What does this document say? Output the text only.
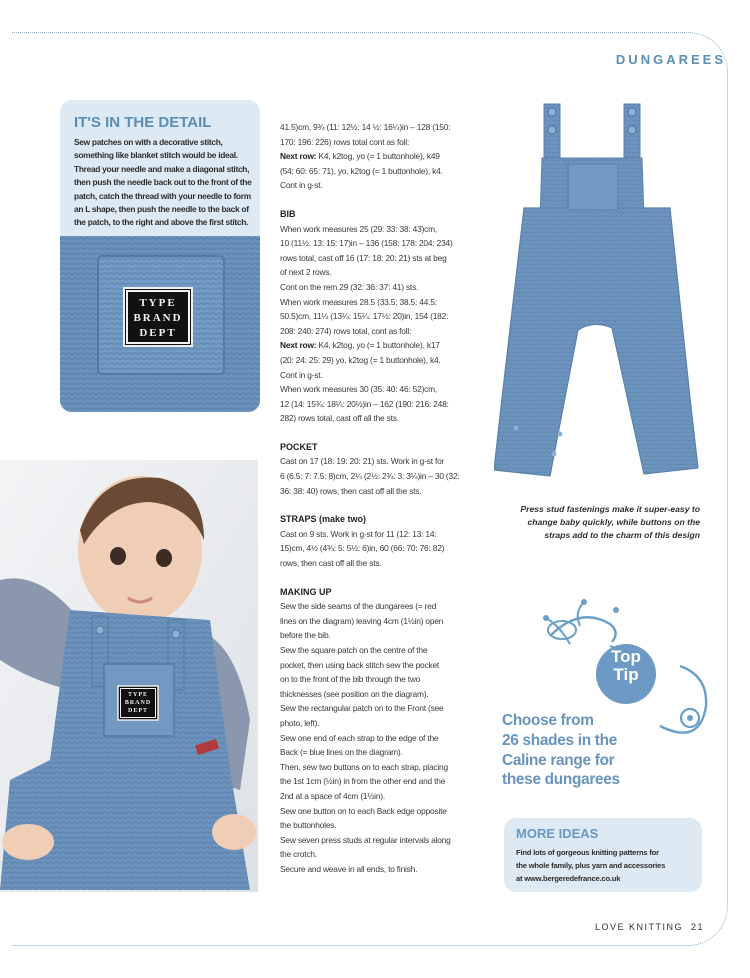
DUNGAREES
IT'S IN THE DETAIL
Sew patches on with a decorative stitch,
something like blanket stitch would be ideal.
Thread your needle and make a diagonal stitch,
then push the needle back out to the front of the
patch, catch the thread with your needle to form
an L shape, then push the needle to the back of
the patch, to the right and above the first stitch.
TYPE
BRAND
DEPT

41.5)cm, 9¾ (11: 12½: 14 ½: 16¼)in – 128 (150:

170: 196: 226) rows total cont as foll:

Next row: K4, k2tog, yo (= 1 buttonhole), k49

(54: 60: 65: 71), yo, k2tog (= 1 buttonhole), k4.

Cont in g-st.

BIB

When work measures 25 (29: 33: 38: 43)cm,

10 (11½: 13: 15: 17)in – 136 (158: 178: 204: 234)

rows total, cast off 16 (17: 18: 20: 21) sts at beg

of next 2 rows.

Cont on the rem 29 (32: 36: 37: 41) sts.

When work measures 28.5 (33.5: 38.5: 44.5:

50.5)cm, 11¼ (13¼: 15¼: 17½: 20)in, 154 (182:

208: 240: 274) rows total, cont as foll:

Next row: K4, k2tog, yo (= 1 buttonhole), k17

(20: 24: 25: 29) yo, k2tog (= 1 buttonhole), k4.

Cont in g-st.

When work measures 30 (35: 40: 46: 52)cm,

12 (14: 15¾: 18¼: 20½)in – 162 (190: 216: 248:

282) rows total, cast off all the sts.

POCKET

Cast on 17 (18: 19: 20: 21) sts. Work in g-st for

6 (6.5: 7: 7.5: 8)cm, 2¼ (2½: 2¾: 3: 3¼)in – 30 (32:

36: 38: 40) rows, then cast off all the sts.

STRAPS (make two)

Cast on 9 sts. Work in g-st for 11 (12: 13: 14:

15)cm, 4½ (4¾: 5: 5½: 6)in, 60 (66: 70: 76: 82)

rows, then cast off all the sts.

MAKING UP

Sew the side seams of the dungarees (= red

lines on the diagram) leaving 4cm (1½in) open

before the bib.

Sew the square patch on the centre of the

pocket, then using back stitch sew the pocket

on to the front of the bib through the two

thicknesses (see position on the diagram).

Sew the rectangular patch on to the Front (see

photo, left).

Sew one end of each strap to the edge of the

Back (= blue lines on the diagram).

Then, sew two buttons on to each strap, placing

the 1st 1cm (½in) in from the other end and the

2nd at a space of 4cm (1½in).

Sew one button on to each Back edge opposite

the buttonholes.

Sew seven press studs at regular intervals along

the crotch.

Secure and weave in all ends, to finish.

Press stud fastenings make it super-easy to
change baby quickly, while buttons on the
straps add to the charm of this design
TYPE
BRAND
DEPT
Top
Tip
Choose from
26 shades in the
Caline range for
these dungarees
MORE IDEAS
Find lots of gorgeous knitting patterns for
the whole family, plus yarn and accessories
at www.bergeredefrance.co.uk
LOVE KNITTING 21
